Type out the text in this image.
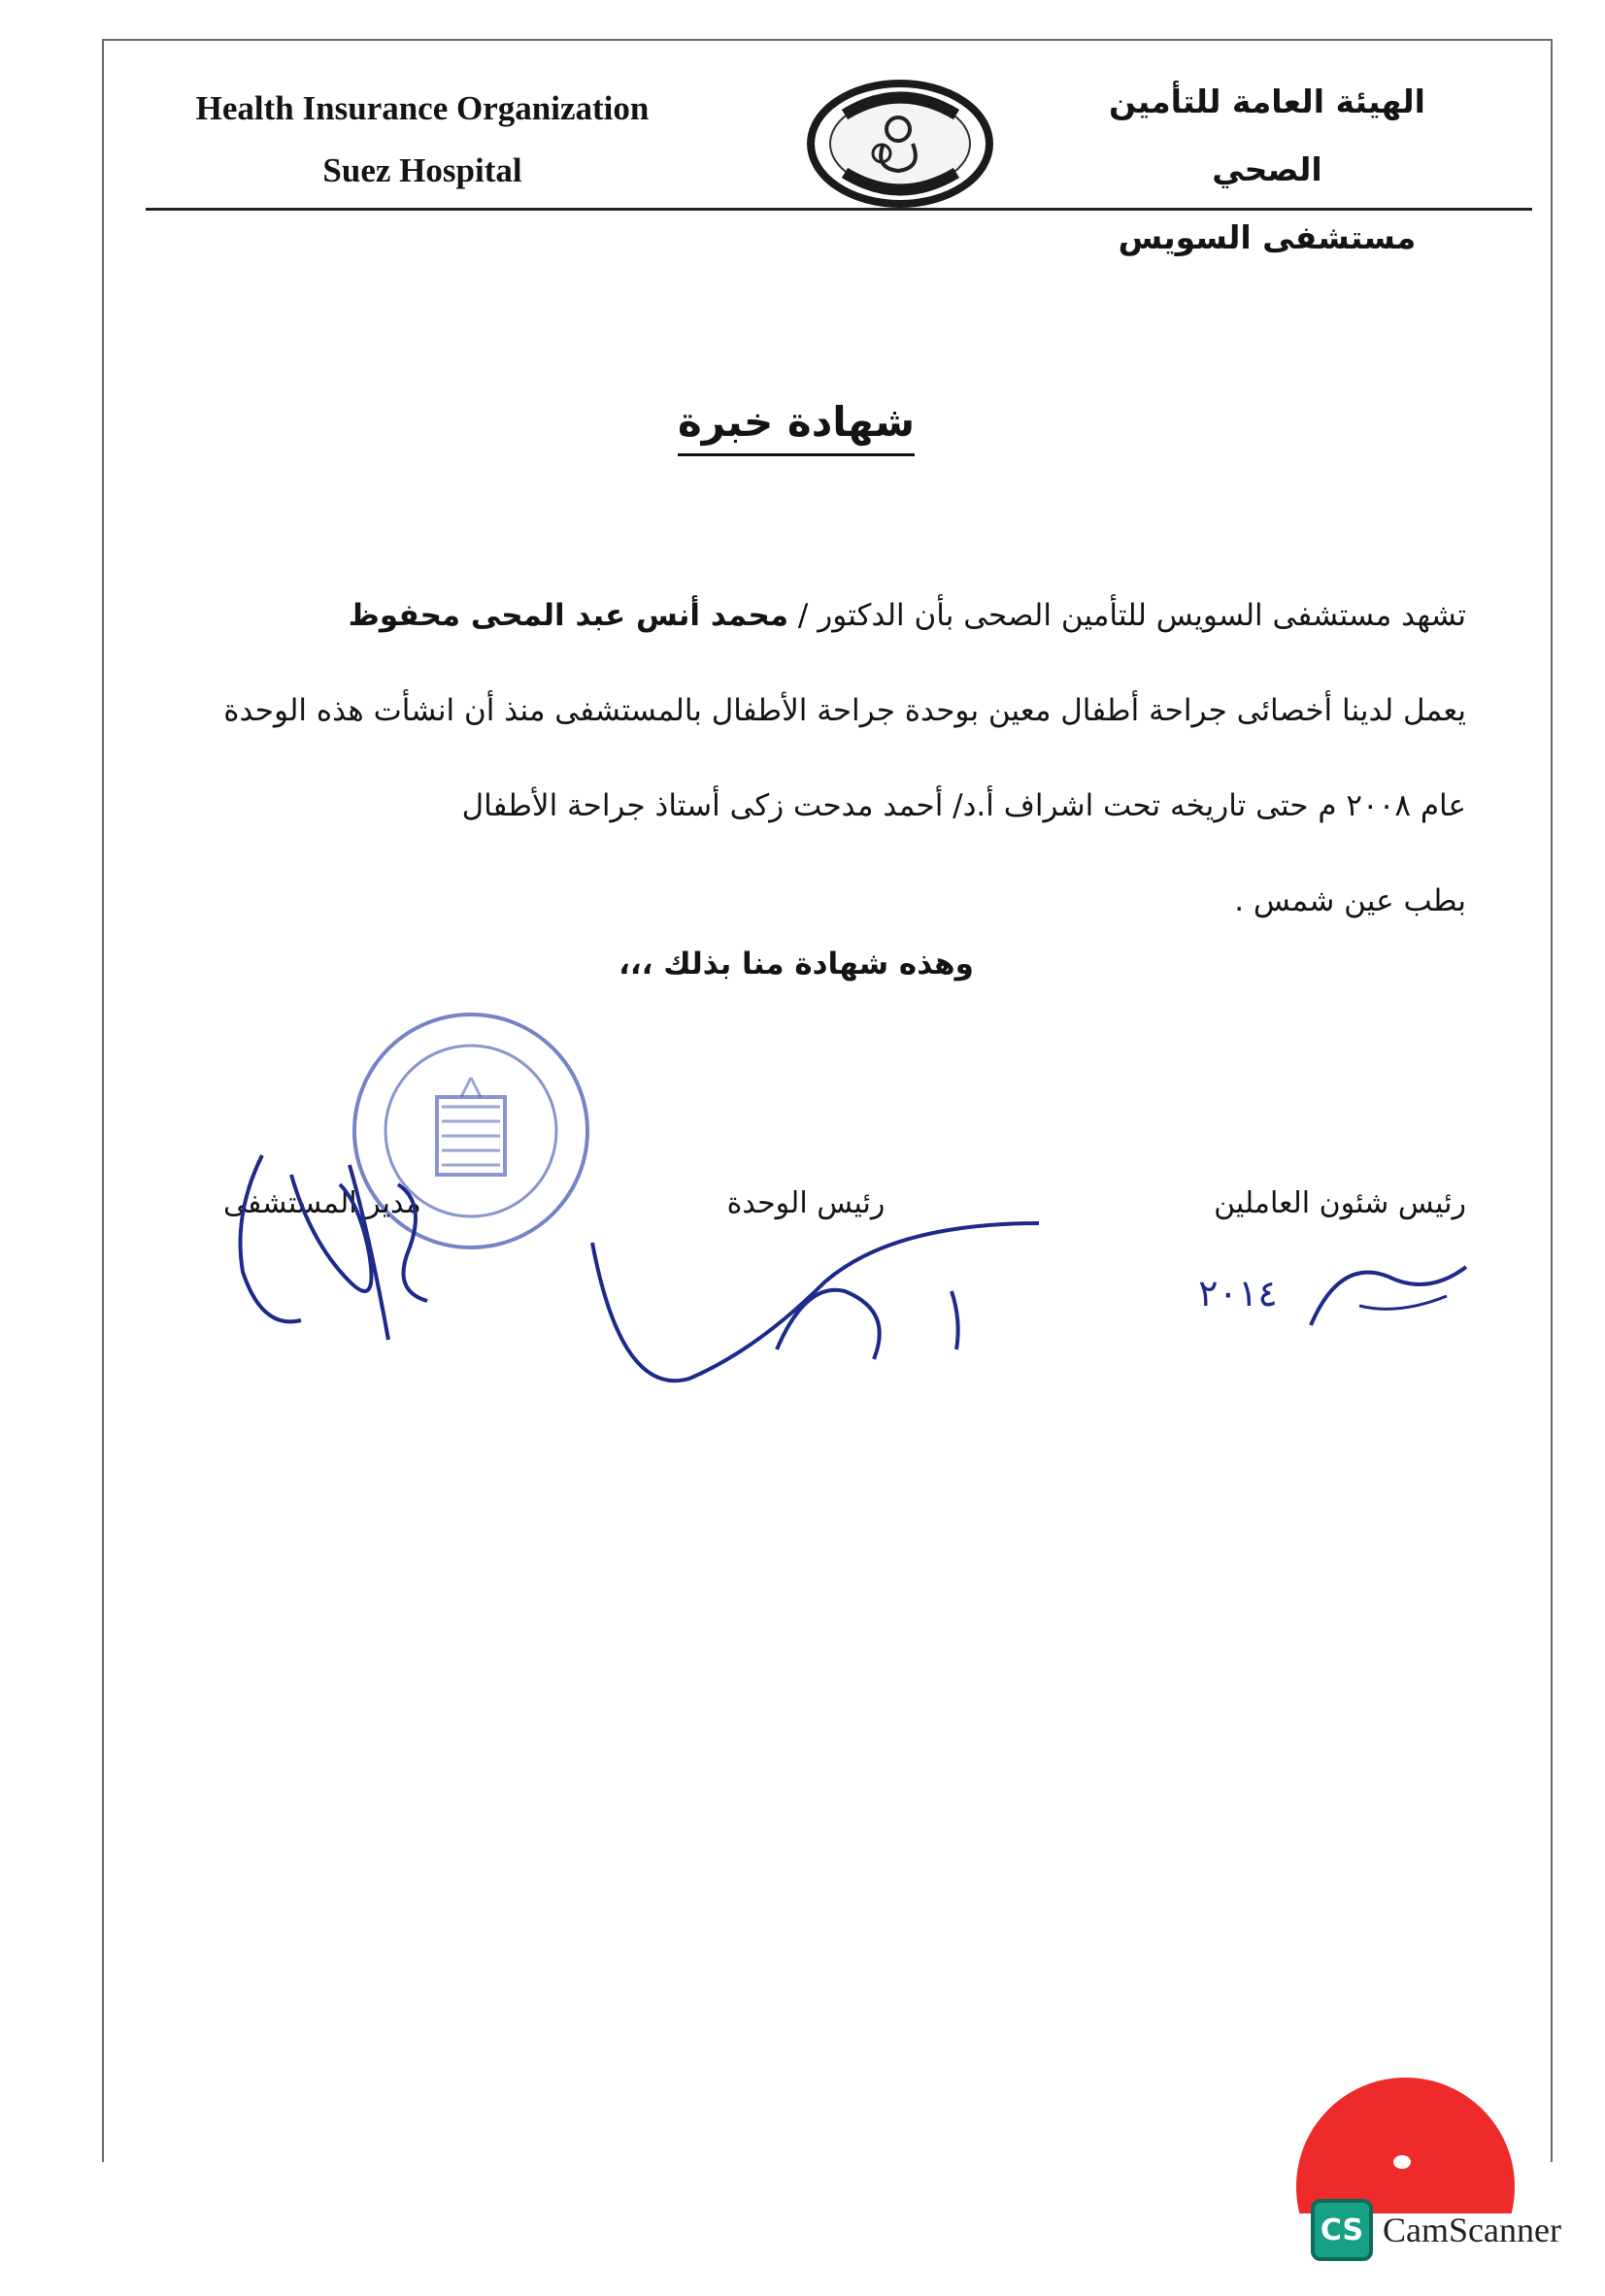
Health Insurance Organization
Suez Hospital
الهيئة العامة للتأمين الصحي
مستشفى السويس
شهادة خبرة

تشهد مستشفى السويس للتأمين الصحى بأن الدكتور / محمد أنس عبد المحى محفوظ

يعمل لدينا أخصائى جراحة أطفال معين بوحدة جراحة الأطفال بالمستشفى منذ أن انشأت هذه الوحدة

عام ٢٠٠٨ م حتى تاريخه تحت اشراف أ.د/ أحمد مدحت زكى أستاذ جراحة الأطفال

بطب عين شمس .

وهذه شهادة منا بذلك ،،،
رئيس شئون العاملين
رئيس الوحدة
مدير المستشفى
٢٠١٤
CS CamScanner
